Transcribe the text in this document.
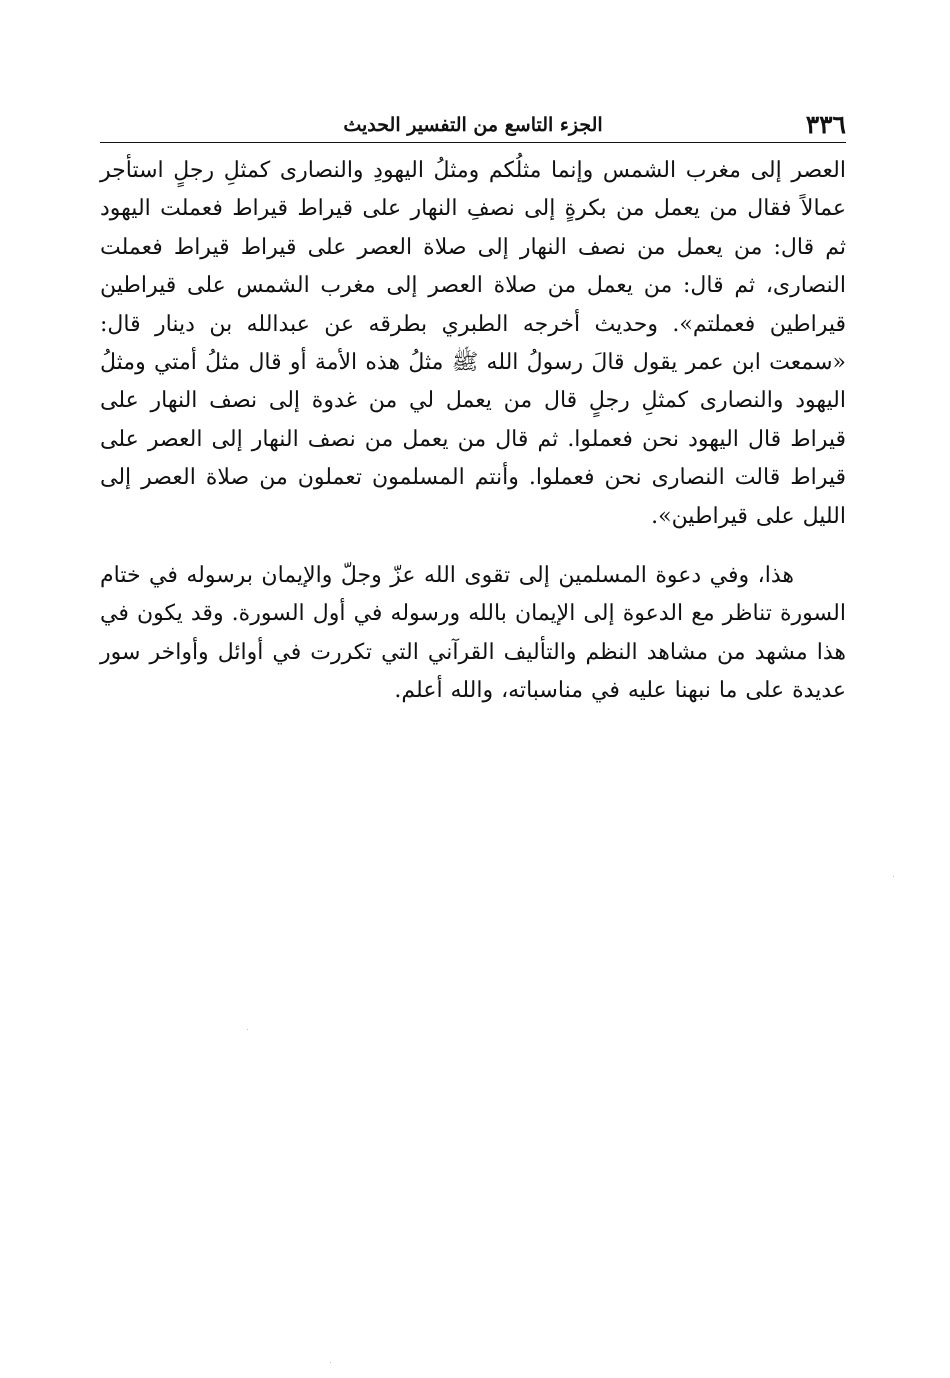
٣٣٦
الجزء التاسع من التفسير الحديث

العصر إلى مغرب الشمس وإنما مثلُكم ومثلُ اليهودِ والنصارى كمثلِ رجلٍ استأجر عمالاً فقال من يعمل من بكرةٍ إلى نصفِ النهار على قيراط قيراط فعملت اليهود ثم قال: من يعمل من نصف النهار إلى صلاة العصر على قيراط قيراط فعملت النصارى، ثم قال: من يعمل من صلاة العصر إلى مغرب الشمس على قيراطين قيراطين فعملتم». وحديث أخرجه الطبري بطرقه عن عبدالله بن دينار قال: «سمعت ابن عمر يقول قالَ رسولُ الله ﷺ مثلُ هذه الأمة أو قال مثلُ أمتي ومثلُ اليهود والنصارى كمثلِ رجلٍ قال من يعمل لي من غدوة إلى نصف النهار على قيراط قال اليهود نحن فعملوا. ثم قال من يعمل من نصف النهار إلى العصر على قيراط قالت النصارى نحن فعملوا. وأنتم المسلمون تعملون من صلاة العصر إلى الليل على قيراطين».

هذا، وفي دعوة المسلمين إلى تقوى الله عزّ وجلّ والإيمان برسوله في ختام السورة تناظر مع الدعوة إلى الإيمان بالله ورسوله في أول السورة. وقد يكون في هذا مشهد من مشاهد النظم والتأليف القرآني التي تكررت في أوائل وأواخر سور عديدة على ما نبهنا عليه في مناسباته، والله أعلم.
